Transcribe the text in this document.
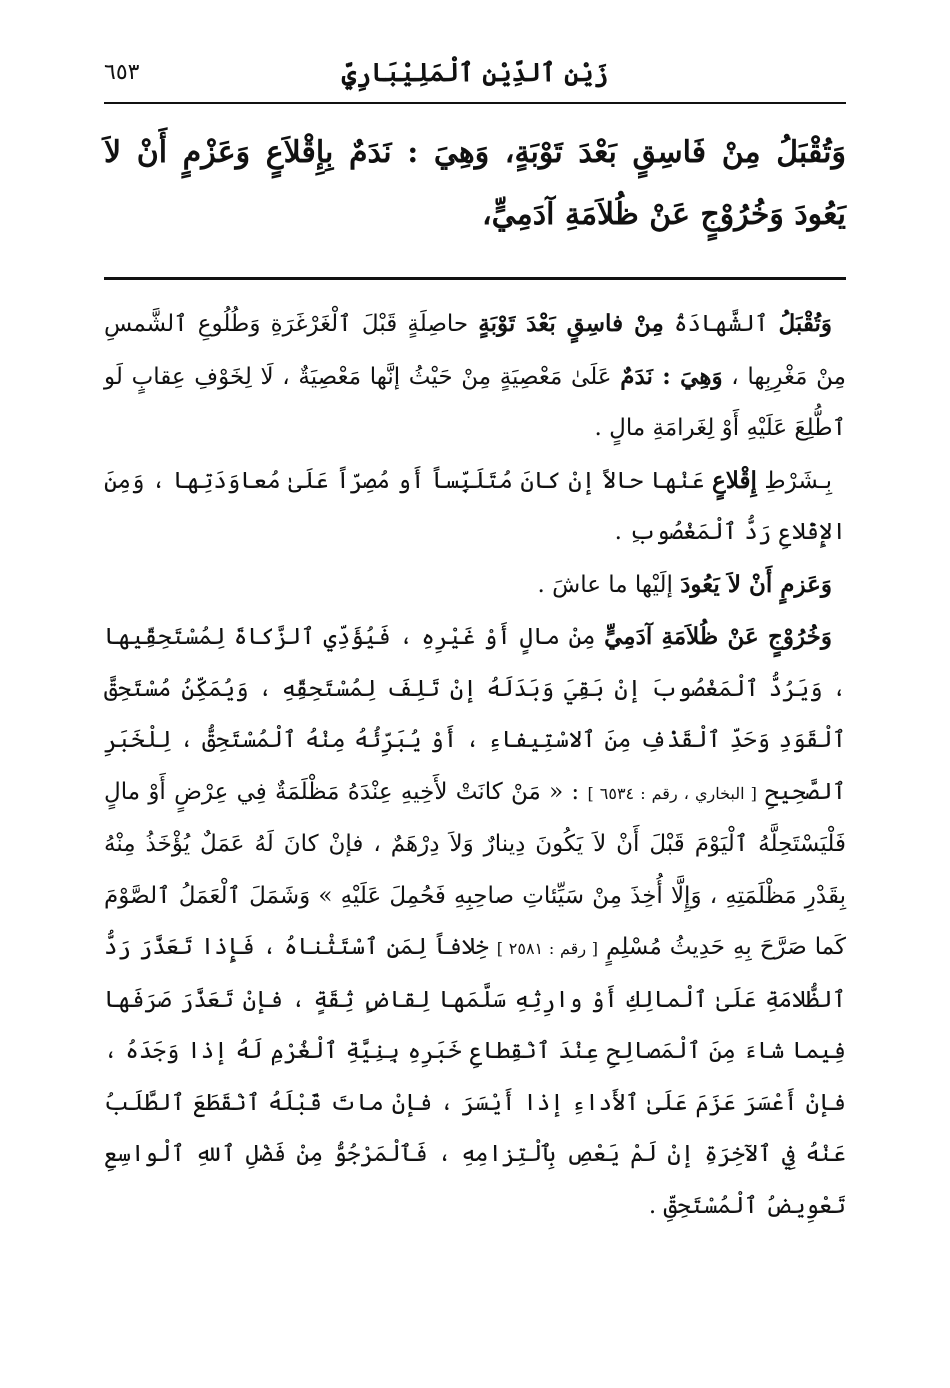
زَيْن ٱلدِّيْن ٱلْمَلِيْبَارِيِّ
٦٥٣
وَتُقْبَلُ مِنْ فَاسِقٍ بَعْدَ تَوْبَةٍ، وَهِيَ : نَدَمٌ بِإِقْلاَعٍ وَعَزْمٍ أَنْ لاَ يَعُودَ وَخُرُوْجٍ عَنْ ظُلاَمَةِ آدَمِيٍّ،

وَتُقْبَلُ ٱلشَّهادَةُ مِنْ فاسِقٍ بَعْدَ تَوْبَةٍ حاصِلَةٍ قَبْلَ ٱلْغَرْغَرَةِ وَطُلُوعِ ٱلشَّمسِ مِنْ مَغْرِبِها ، وَهِيَ : نَدَمٌ عَلَىٰ مَعْصِيَةٍ مِنْ حَيْثُ إنَّها مَعْصِيَةٌ ، لَا لِخَوْفِ عِقابٍ لَو ٱطُّلِعَ عَلَيْهِ أَوْ لِغَرامَةِ مالٍ .

بِـشَرْطِ إِقْلاعٍ عَنْها حالاً إنْ كانَ مُتَلَبِّساً أَو مُصِرّاً عَلَىٰ مُعاوَدَتِها ، وَمِنَ الإِقْلاعِ رَدُّ ٱلْمَغْصُوبِ .

وَعَزمٍ أَنْ لاَ يَعُودَ إلَيْها ما عاشَ .

وَخُرُوْجٍ عَنْ ظُلاَمَةِ آدَمِيٍّ مِنْ مالٍ أَوْ غَيْرِهِ ، فَيُؤَدِّي ٱلزَّكاةَ لِمُسْتَحِقِّيها ، وَيَرُدُّ ٱلْمَغْصُوبَ إنْ بَقِيَ وَبَدَلَهُ إنْ تَلِفَ لِمُسْتَحِقِّهِ ، وَيُمَكِّنُ مُسْتَحِقَّ ٱلْقَوَدِ وَحَدِّ ٱلْقَذْفِ مِنَ ٱلاسْتِيفاءِ ، أَوْ يُبَرِّئُهُ مِنْهُ ٱلْمُسْتَحِقُّ ، لِلْخَبَرِ ٱلصَّحِيحِ [ البخاري ، رقم : ٦٥٣٤ ] : « مَنْ كانَتْ لأَخِيهِ عِنْدَهُ مَظْلَمَةٌ فِي عِرْضٍ أَوْ مالٍ فَلْيَسْتَحِلَّهُ ٱلْيَوْمَ قَبْلَ أَنْ لاَ يَكُونَ دِينارٌ وَلاَ دِرْهَمٌ ، فإنْ كانَ لَهُ عَمَلٌ يُؤْخَذُ مِنْهُ بِقَدْرِ مَظْلَمَتِهِ ، وَإِلَّا أُخِذَ مِنْ سَيِّئاتِ صاحِبِهِ فَحُمِلَ عَلَيْهِ » وَشَمَلَ ٱلْعَمَلُ ٱلصَّوْمَ كَما صَرَّحَ بِهِ حَدِيثُ مُسْلِمٍ [ رقم : ٢٥٨١ ] خِلافاً لِمَنِ ٱسْتَثْناهُ ، فَإِذا تَعَذَّرَ رَدُّ ٱلظُّلامَةِ عَلَىٰ ٱلْمالِكِ أَوْ وارِثِهِ سَلَّمَها لِقاضٍ ثِقَةٍ ، فإنْ تَعَذَّرَ صَرَفَها فِيما شاءَ مِنَ ٱلْمَصالِحِ عِنْدَ ٱنْقِطاعِ خَبَرِهِ بِنِيَّةِ ٱلْغُرْمِ لَهُ إذا وَجَدَهُ ، فإنْ أَعْسَرَ عَزَمَ عَلَىٰ ٱلأَداءِ إذا أَيْسَرَ ، فإنْ ماتَ قَبْلَهُ ٱنْقَطَعَ ٱلطَّلَبُ عَنْهُ فِي ٱلآخِرَةِ إنْ لَمْ يَعْصِ بِٱلْتِزامِهِ ، فَٱلْمَرْجُوُّ مِنْ فَضْلِ ٱللهِ ٱلْواسِعِ تَعْوِيضُ ٱلْمُسْتَحِقِّ .
